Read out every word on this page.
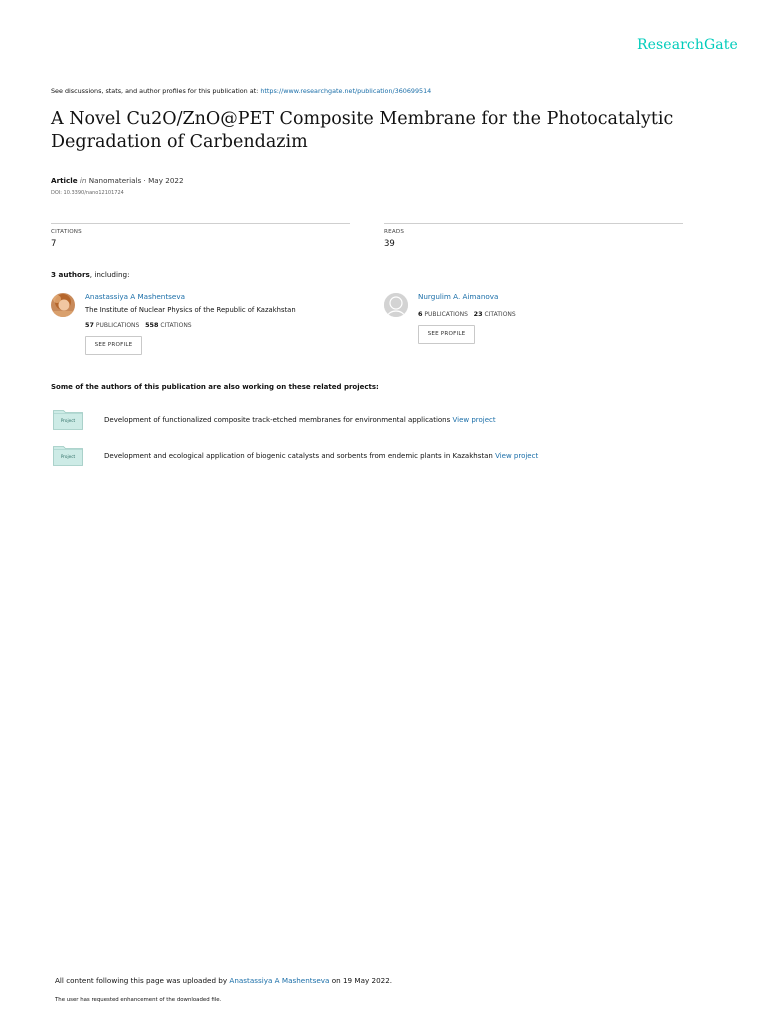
ResearchGate
See discussions, stats, and author profiles for this publication at: https://www.researchgate.net/publication/360699514
A Novel Cu2O/ZnO@PET Composite Membrane for the Photocatalytic Degradation of Carbendazim
Article in Nanomaterials · May 2022
DOI: 10.3390/nano12101724
CITATIONS
7
READS
39
3 authors, including:
Anastassiya A Mashentseva
The Institute of Nuclear Physics of the Republic of Kazakhstan
57 PUBLICATIONS 558 CITATIONS
SEE PROFILE
Nurgulim A. Aimanova
6 PUBLICATIONS 23 CITATIONS
SEE PROFILE
Some of the authors of this publication are also working on these related projects:
Project	Development of functionalized composite track-etched membranes for environmental applications View project
Project	Development and ecological application of biogenic catalysts and sorbents from endemic plants in Kazakhstan View project
All content following this page was uploaded by Anastassiya A Mashentseva on 19 May 2022.
The user has requested enhancement of the downloaded file.
